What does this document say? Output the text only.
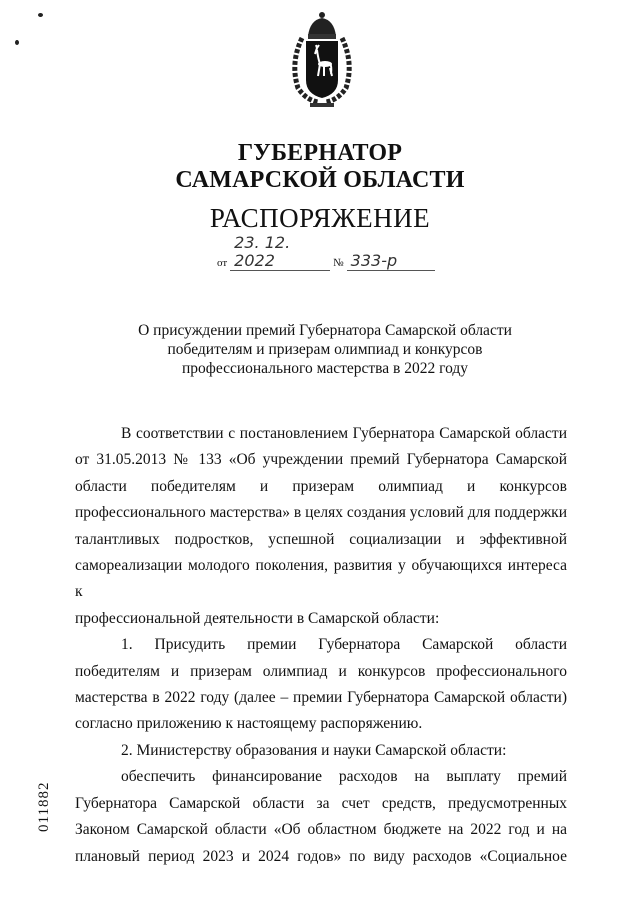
ГУБЕРНАТОР
САМАРСКОЙ ОБЛАСТИ
РАСПОРЯЖЕНИЕ
от
23. 12. 2022	№ 333-р
О присуждении премий Губернатора Самарской области
победителям и призерам олимпиад и конкурсов
профессионального мастерства в 2022 году

В соответствии с постановлением Губернатора Самарской области

от 31.05.2013 № 133 «Об учреждении премий Губернатора Самарской

области победителям и призерам олимпиад и конкурсов

профессионального мастерства» в целях создания условий для поддержки

талантливых подростков, успешной социализации и эффективной

самореализации молодого поколения, развития у обучающихся интереса к

профессиональной деятельности в Самарской области:

1. Присудить премии Губернатора Самарской области

победителям и призерам олимпиад и конкурсов профессионального

мастерства в 2022 году (далее – премии Губернатора Самарской области)

согласно приложению к настоящему распоряжению.

2. Министерству образования и науки Самарской области:

обеспечить финансирование расходов на выплату премий

Губернатора Самарской области за счет средств, предусмотренных

Законом Самарской области «Об областном бюджете на 2022 год и на

плановый период 2023 и 2024 годов» по виду расходов «Социальное

011882
